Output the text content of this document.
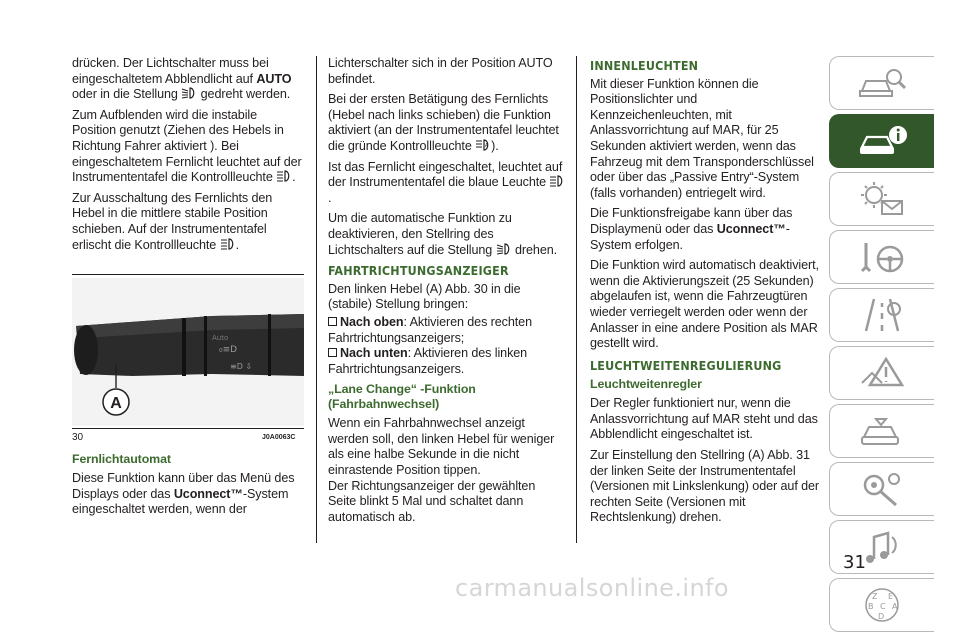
drücken. Der Lichtschalter muss bei eingeschaltetem Abblendlicht auf AUTO oder in die Stellung  gedreht werden.

Zum Aufblenden wird die instabile Position genutzt (Ziehen des Hebels in Richtung Fahrer aktiviert ). Bei eingeschaltetem Fernlicht leuchtet auf der Instrumententafel die Kontrollleuchte .

Zur Ausschaltung des Fernlichts den Hebel in die mittlere stabile Position schieben. Auf der Instrumententafel erlischt die Kontrollleuchte .

₀≡D
≡D ⇩
Auto
A
30	J0A0063C
Fernlichtautomat

Diese Funktion kann über das Menü des Displays oder das Uconnect™-System eingeschaltet werden, wenn der

Lichterschalter sich in der Position AUTO befindet.

Bei der ersten Betätigung des Fernlichts (Hebel nach links schieben) die Funktion aktiviert (an der Instrumententafel leuchtet die gründe Kontrollleuchte A ).

Ist das Fernlicht eingeschaltet, leuchtet auf der Instrumententafel die blaue Leuchte .

Um die automatische Funktion zu deaktivieren, den Stellring des Lichtschalters auf die Stellung  drehen.

FAHRTRICHTUNGSANZEIGER

Den linken Hebel (A) Abb. 30 in die (stabile) Stellung bringen:

Nach oben: Aktivieren des rechten Fahrtrichtungsanzeigers;

Nach unten: Aktivieren des linken Fahrtrichtungsanzeigers.

„Lane Change“ -Funktion (Fahrbahnwechsel)

Wenn ein Fahrbahnwechsel anzeigt werden soll, den linken Hebel für weniger als eine halbe Sekunde in die nicht einrastende Position tippen.

Der Richtungsanzeiger der gewählten Seite blinkt 5 Mal und schaltet dann automatisch ab.

INNENLEUCHTEN

Mit dieser Funktion können die Positionslichter und Kennzeichenleuchten, mit Anlassvorrichtung auf MAR, für 25 Sekunden aktiviert werden, wenn das Fahrzeug mit dem Transponderschlüssel oder über das „Passive Entry“-System (falls vorhanden) entriegelt wird.

Die Funktionsfreigabe kann über das Displaymenü oder das Uconnect™-System erfolgen.

Die Funktion wird automatisch deaktiviert, wenn die Aktivierungszeit (25 Sekunden) abgelaufen ist, wenn die Fahrzeugtüren wieder verriegelt werden oder wenn der Anlasser in eine andere Position als MAR gestellt wird.

LEUCHTWEITENREGULIERUNG
Leuchtweitenregler

Der Regler funktioniert nur, wenn die Anlassvorrichtung auf MAR steht und das Abblendlicht eingeschaltet ist.

Zur Einstellung den Stellring (A) Abb. 31 der linken Seite der Instrumententafel (Versionen mit Linkslenkung) oder auf der rechten Seite (Versionen mit Rechtslenkung) drehen.

Z E
B C A
D
31
carmanualsonline.info
